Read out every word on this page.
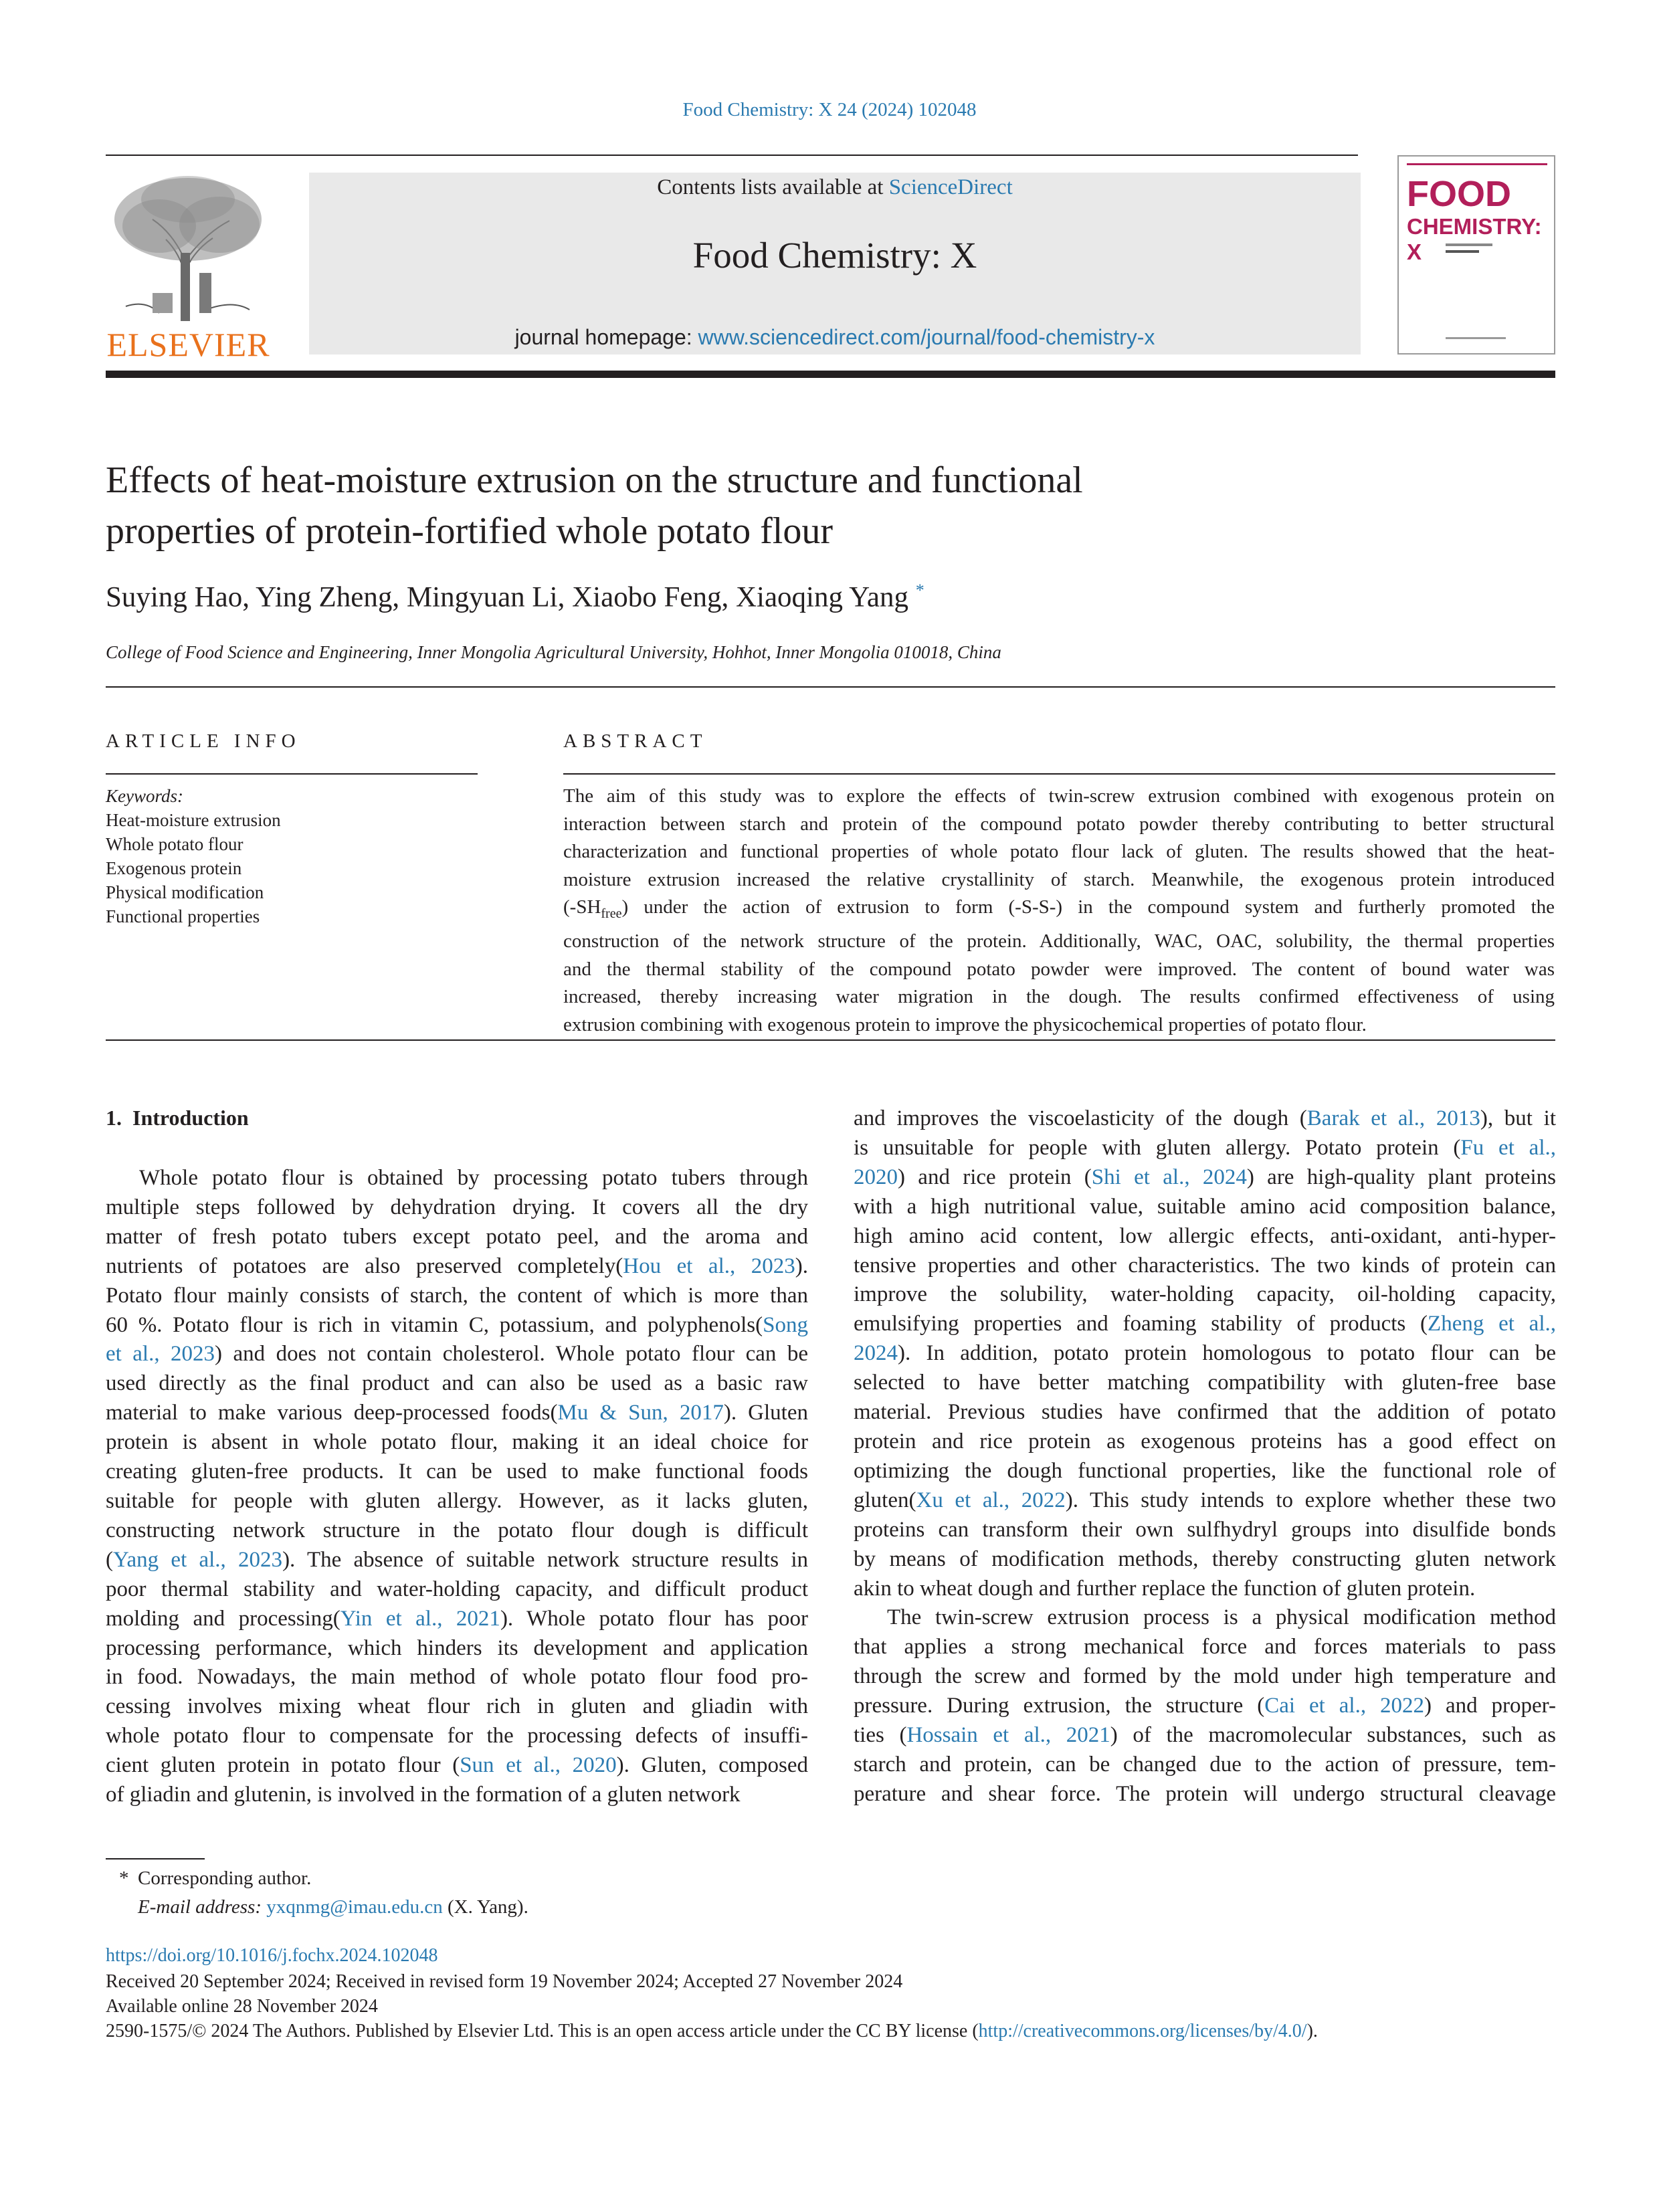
Food Chemistry: X 24 (2024) 102048
ELSEVIER
Contents lists available at ScienceDirect
Food Chemistry: X
journal homepage: www.sciencedirect.com/journal/food-chemistry-x
FOOD
CHEMISTRY: X
Effects of heat-moisture extrusion on the structure and functional
properties of protein-fortified whole potato flour
Suying Hao, Ying Zheng, Mingyuan Li, Xiaobo Feng, Xiaoqing Yang *
College of Food Science and Engineering, Inner Mongolia Agricultural University, Hohhot, Inner Mongolia 010018, China
ARTICLE INFO
Keywords:
Heat-moisture extrusion
Whole potato flour
Exogenous protein
Physical modification
Functional properties
ABSTRACT
The aim of this study was to explore the effects of twin-screw extrusion combined with exogenous protein on
interaction between starch and protein of the compound potato powder thereby contributing to better structural
characterization and functional properties of whole potato flour lack of gluten. The results showed that the heat-
moisture extrusion increased the relative crystallinity of starch. Meanwhile, the exogenous protein introduced
$(-SH_{free})$ under the action of extrusion to form (-S-S-) in the compound system and furtherly promoted the
construction of the network structure of the protein. Additionally, WAC, OAC, solubility, the thermal properties
and the thermal stability of the compound potato powder were improved. The content of bound water was
increased, thereby increasing water migration in the dough. The results confirmed effectiveness of using
extrusion combining with exogenous protein to improve the physicochemical properties of potato flour.
1. Introduction
Whole potato flour is obtained by processing potato tubers through
multiple steps followed by dehydration drying. It covers all the dry
matter of fresh potato tubers except potato peel, and the aroma and
nutrients of potatoes are also preserved completely(Hou et al., 2023).
Potato flour mainly consists of starch, the content of which is more than
60 %. Potato flour is rich in vitamin C, potassium, and polyphenols(Song
et al., 2023) and does not contain cholesterol. Whole potato flour can be
used directly as the final product and can also be used as a basic raw
material to make various deep-processed foods(Mu & Sun, 2017). Gluten
protein is absent in whole potato flour, making it an ideal choice for
creating gluten-free products. It can be used to make functional foods
suitable for people with gluten allergy. However, as it lacks gluten,
constructing network structure in the potato flour dough is difficult
(Yang et al., 2023). The absence of suitable network structure results in
poor thermal stability and water-holding capacity, and difficult product
molding and processing(Yin et al., 2021). Whole potato flour has poor
processing performance, which hinders its development and application
in food. Nowadays, the main method of whole potato flour food pro-
cessing involves mixing wheat flour rich in gluten and gliadin with
whole potato flour to compensate for the processing defects of insuffi-
cient gluten protein in potato flour (Sun et al., 2020). Gluten, composed
of gliadin and glutenin, is involved in the formation of a gluten network
and improves the viscoelasticity of the dough (Barak et al., 2013), but it
is unsuitable for people with gluten allergy. Potato protein (Fu et al.,
2020) and rice protein (Shi et al., 2024) are high-quality plant proteins
with a high nutritional value, suitable amino acid composition balance,
high amino acid content, low allergic effects, anti-oxidant, anti-hyper-
tensive properties and other characteristics. The two kinds of protein can
improve the solubility, water-holding capacity, oil-holding capacity,
emulsifying properties and foaming stability of products (Zheng et al.,
2024). In addition, potato protein homologous to potato flour can be
selected to have better matching compatibility with gluten-free base
material. Previous studies have confirmed that the addition of potato
protein and rice protein as exogenous proteins has a good effect on
optimizing the dough functional properties, like the functional role of
gluten(Xu et al., 2022). This study intends to explore whether these two
proteins can transform their own sulfhydryl groups into disulfide bonds
by means of modification methods, thereby constructing gluten network
akin to wheat dough and further replace the function of gluten protein.
The twin-screw extrusion process is a physical modification method
that applies a strong mechanical force and forces materials to pass
through the screw and formed by the mold under high temperature and
pressure. During extrusion, the structure (Cai et al., 2022) and proper-
ties (Hossain et al., 2021) of the macromolecular substances, such as
starch and protein, can be changed due to the action of pressure, tem-
perature and shear force. The protein will undergo structural cleavage
* Corresponding author.
E-mail address: yxqnmg@imau.edu.cn (X. Yang).
https://doi.org/10.1016/j.fochx.2024.102048
Received 20 September 2024; Received in revised form 19 November 2024; Accepted 27 November 2024
Available online 28 November 2024
2590-1575/© 2024 The Authors. Published by Elsevier Ltd. This is an open access article under the CC BY license (http://creativecommons.org/licenses/by/4.0/).
